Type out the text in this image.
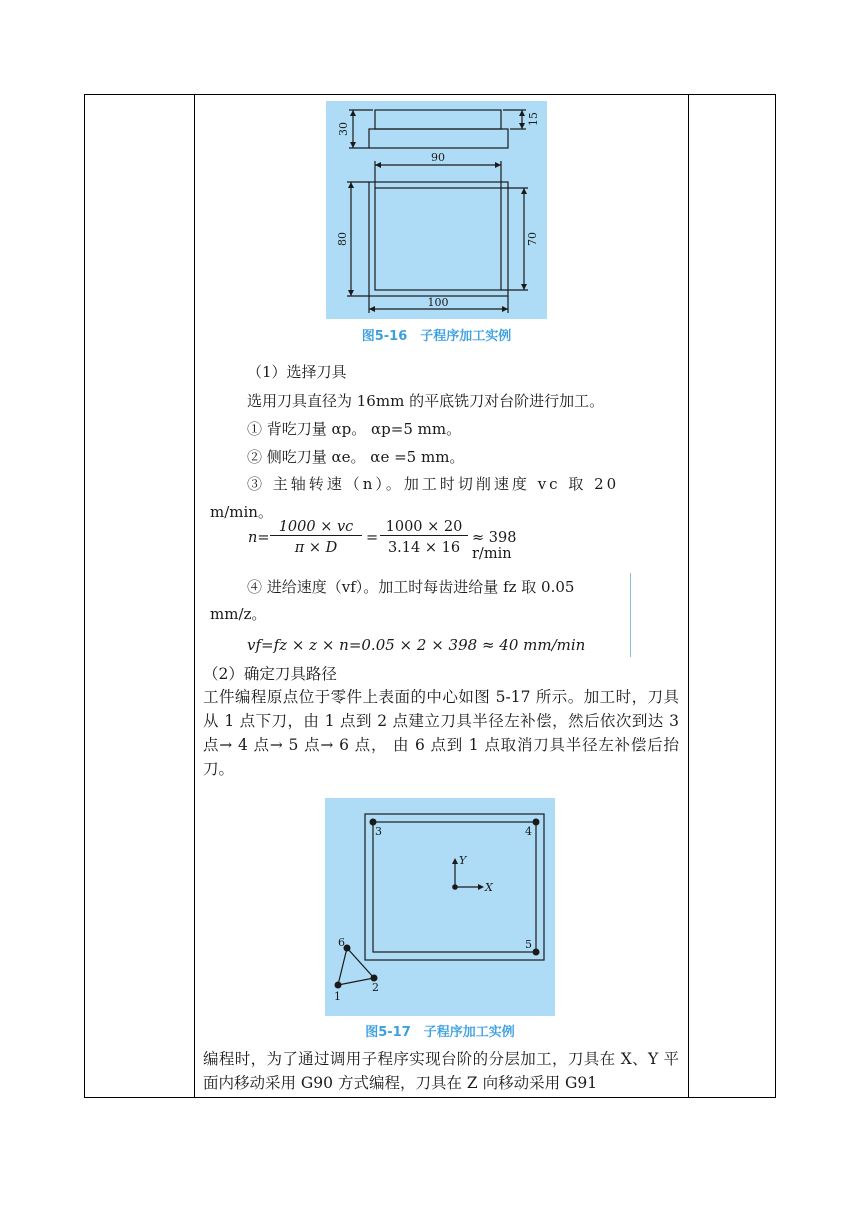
30
15
90
80	70
100
图5-16　子程序加工实例
（1）选择刀具
选用刀具直径为 16mm 的平底铣刀对台阶进行加工。
① 背吃刀量 αp。 αp=5 mm。
② 侧吃刀量 αe。 αe =5 mm。
③ 主轴转速（n）。加工时切削速度 vc 取 20
m/min。
n=
1000 × vc
π × D
=
1000 × 20
3.14 × 16
≈ 398 r/min
④ 进给速度（vf）。加工时每齿进给量 fz 取 0.05
mm/z。
vf=fz × z × n=0.05 × 2 × 398 ≈ 40 mm/min
（2）确定刀具路径
工件编程原点位于零件上表面的中心如图 5-17 所示。加工时，刀具从 1 点下刀，由 1 点到 2 点建立刀具半径左补偿，然后依次到达 3 点→ 4 点→ 5 点→ 6 点， 由 6 点到 1 点取消刀具半径左补偿后抬刀。
1
2
3	4
5
6
X
Y
图5-17　子程序加工实例
编程时，为了通过调用子程序实现台阶的分层加工，刀具在 X、Y 平面内移动采用 G90 方式编程，刀具在 Z 向移动采用 G91
